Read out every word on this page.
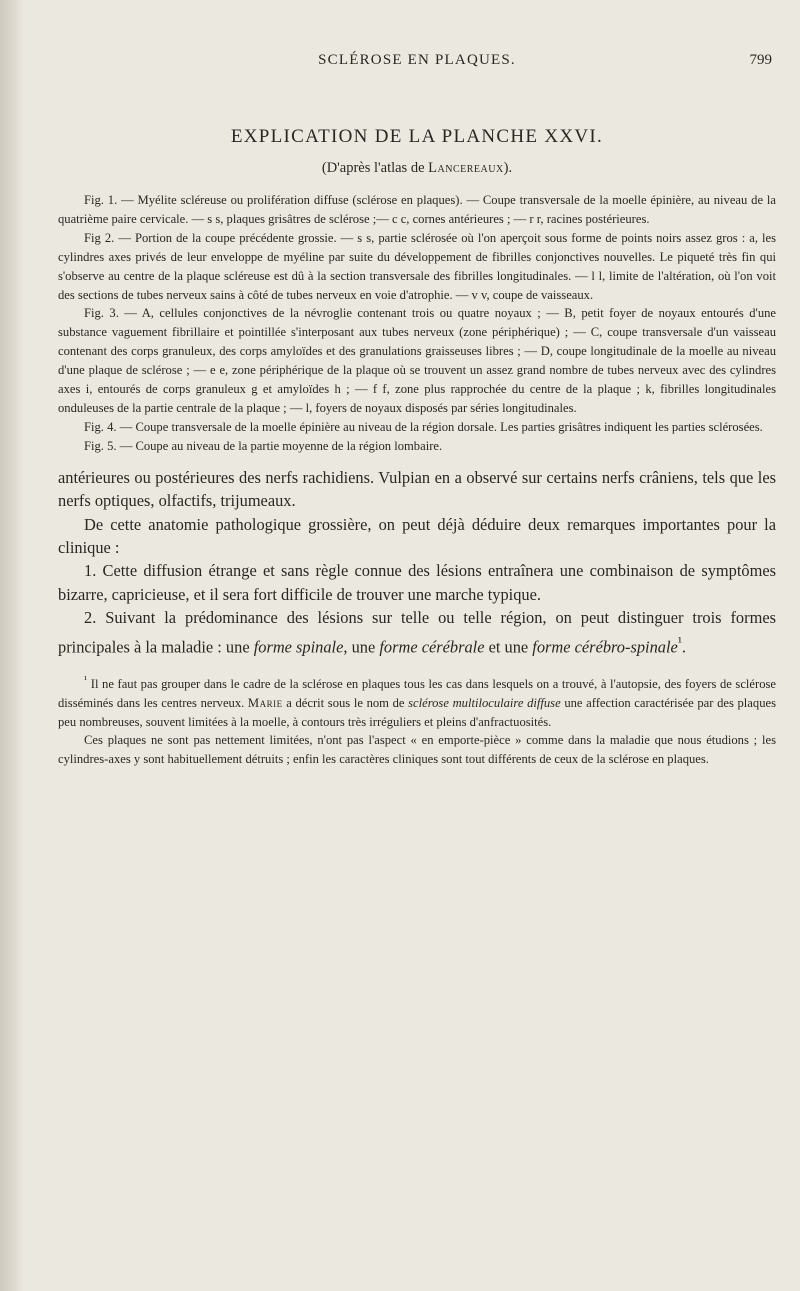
SCLÉROSE EN PLAQUES.	799
EXPLICATION DE LA PLANCHE XXVI.
(D'après l'atlas de Lancereaux).

Fig. 1. — Myélite scléreuse ou prolifération diffuse (sclérose en plaques). — Coupe transversale de la moelle épinière, au niveau de la quatrième paire cervicale. — s s, plaques grisâtres de sclérose ;— c c, cornes antérieures ; — r r, racines postérieures.

Fig 2. — Portion de la coupe précédente grossie. — s s, partie sclérosée où l'on aperçoit sous forme de points noirs assez gros : a, les cylindres axes privés de leur enveloppe de myéline par suite du développement de fibrilles conjonctives nouvelles. Le piqueté très fin qui s'observe au centre de la plaque scléreuse est dû à la section transversale des fibrilles longitudinales. — l l, limite de l'altération, où l'on voit des sections de tubes nerveux sains à côté de tubes nerveux en voie d'atrophie. — v v, coupe de vaisseaux.

Fig. 3. — A, cellules conjonctives de la névroglie contenant trois ou quatre noyaux ; — B, petit foyer de noyaux entourés d'une substance vaguement fibrillaire et pointillée s'interposant aux tubes nerveux (zone périphérique) ; — C, coupe transversale d'un vaisseau contenant des corps granuleux, des corps amyloïdes et des granulations graisseuses libres ; — D, coupe longitudinale de la moelle au niveau d'une plaque de sclérose ; — e e, zone périphérique de la plaque où se trouvent un assez grand nombre de tubes nerveux avec des cylindres axes i, entourés de corps granuleux g et amyloïdes h ; — f f, zone plus rapprochée du centre de la plaque ; k, fibrilles longitudinales onduleuses de la partie centrale de la plaque ; — l, foyers de noyaux disposés par séries longitudinales.

Fig. 4. — Coupe transversale de la moelle épinière au niveau de la région dorsale. Les parties grisâtres indiquent les parties sclérosées.

Fig. 5. — Coupe au niveau de la partie moyenne de la région lombaire.

antérieures ou postérieures des nerfs rachidiens. Vulpian en a observé sur certains nerfs crâniens, tels que les nerfs optiques, olfactifs, trijumeaux.

De cette anatomie pathologique grossière, on peut déjà déduire deux remarques importantes pour la clinique :

1. Cette diffusion étrange et sans règle connue des lésions entraînera une combinaison de symptômes bizarre, capricieuse, et il sera fort difficile de trouver une marche typique.

2. Suivant la prédominance des lésions sur telle ou telle région, on peut distinguer trois formes principales à la maladie : une forme spinale, une forme cérébrale et une forme cérébro-spinale$^{^1}$.

$^{^1}$ Il ne faut pas grouper dans le cadre de la sclérose en plaques tous les cas dans lesquels on a trouvé, à l'autopsie, des foyers de sclérose disséminés dans les centres nerveux. Marie a décrit sous le nom de sclérose multiloculaire diffuse une affection caractérisée par des plaques peu nombreuses, souvent limitées à la moelle, à contours très irréguliers et pleins d'anfractuosités.

Ces plaques ne sont pas nettement limitées, n'ont pas l'aspect « en emporte-pièce » comme dans la maladie que nous étudions ; les cylindres-axes y sont habituellement détruits ; enfin les caractères cliniques sont tout différents de ceux de la sclérose en plaques.
